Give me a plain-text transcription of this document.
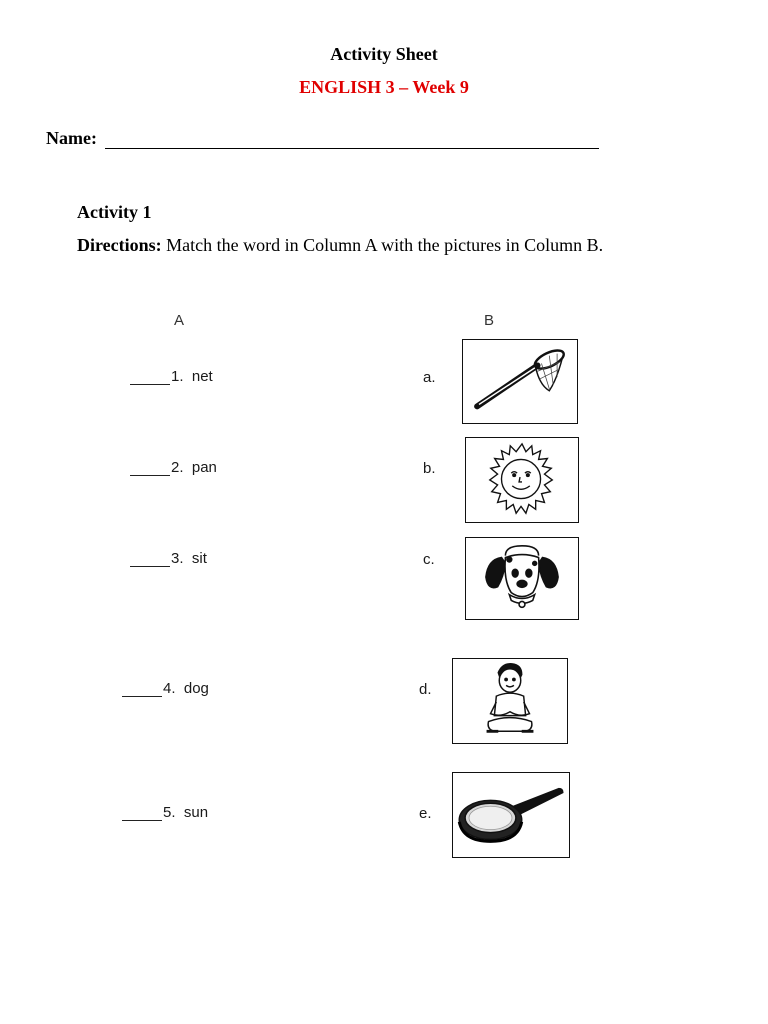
Activity Sheet
ENGLISH 3 – Week 9
Name:
Activity 1
Directions: Match the word in Column A with the pictures in Column B.
A	B
1.
net
2.
pan
3.
sit
4.
dog
5.
sun
a.
b.
c.
d.
e.
